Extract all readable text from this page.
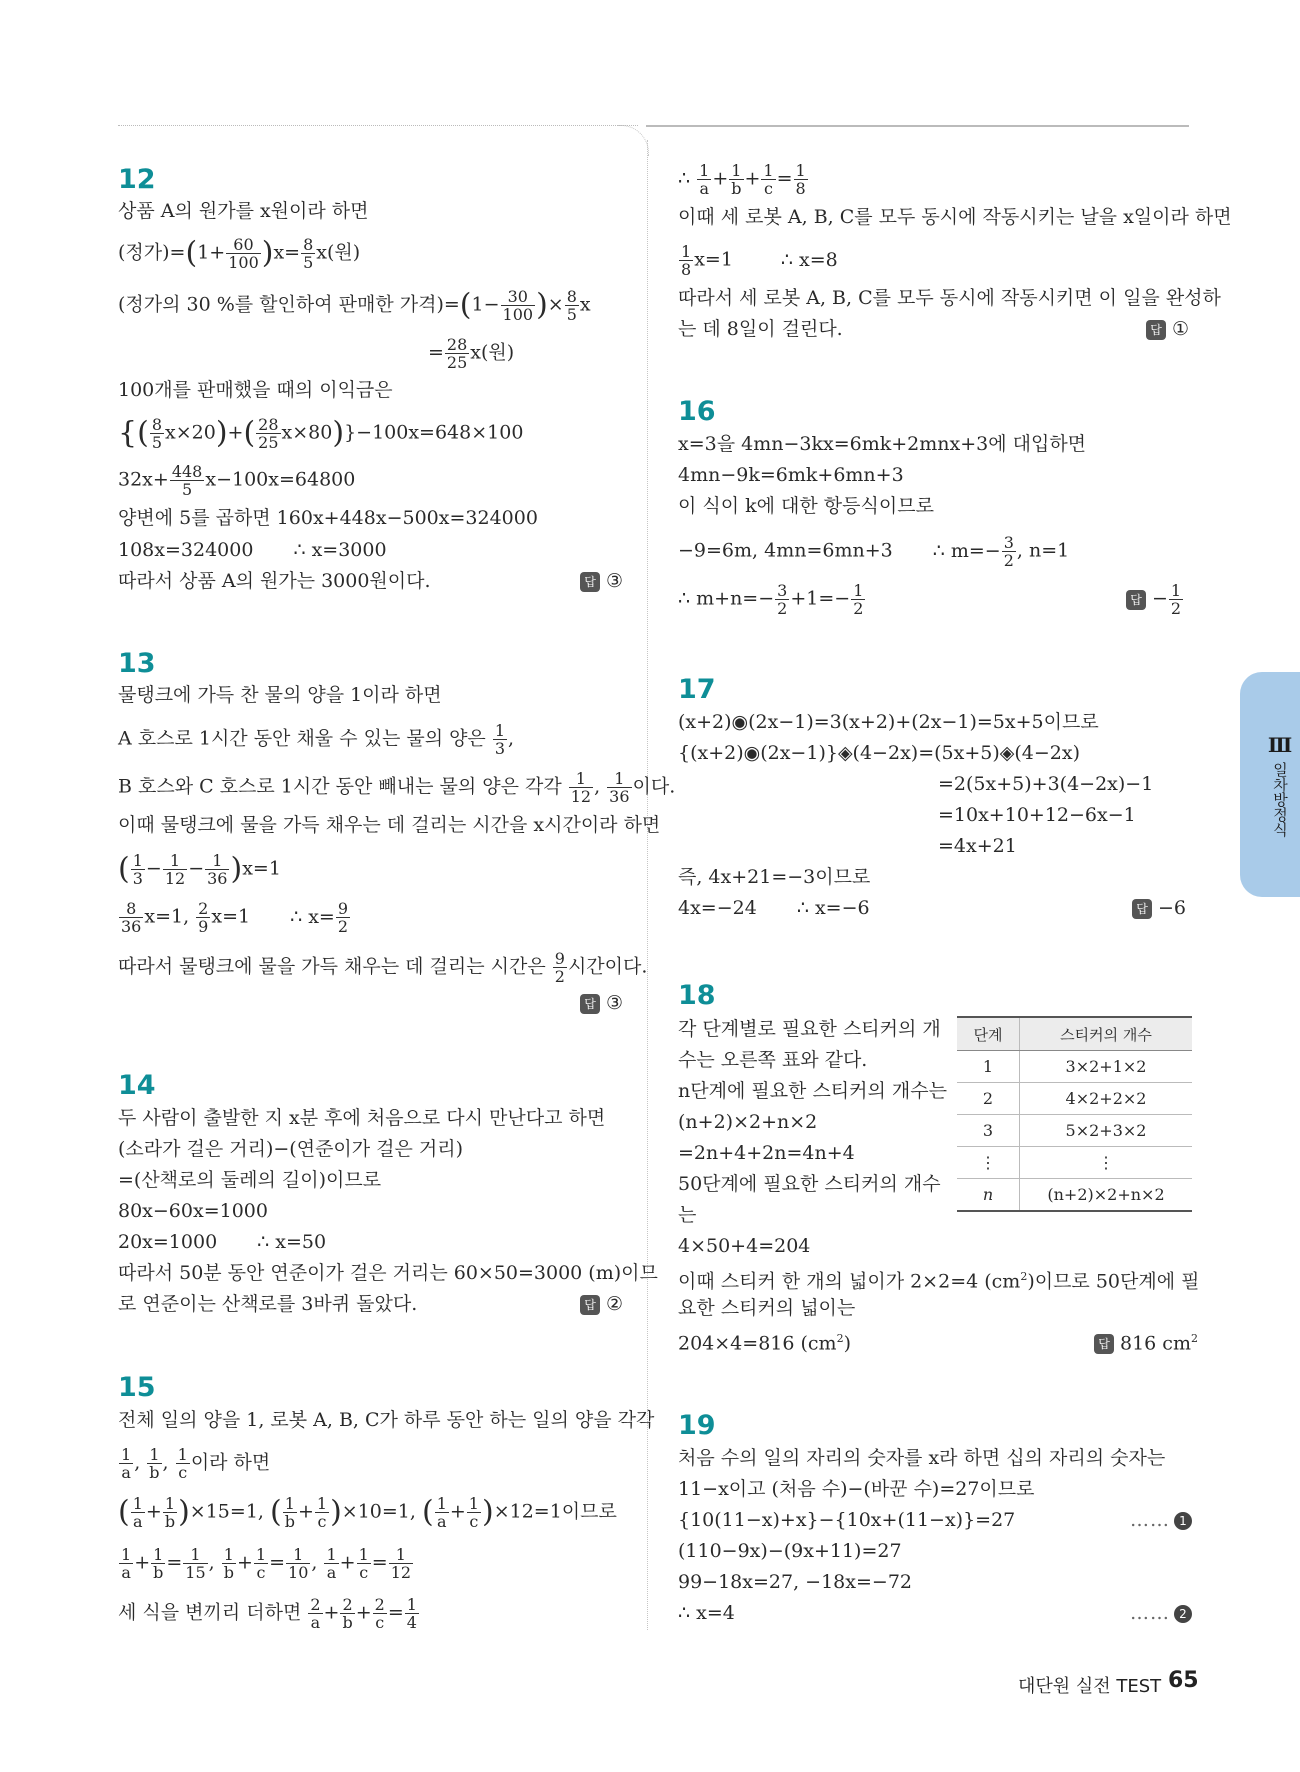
12
상품 A의 원가를 x원이라 하면
(정가)$=(1+ \frac{60}{100} )x= \frac{8}{5} x$(원)
(정가의 30 %를 할인하여 판매한 가격)$=(1- \frac{30}{100}$ )× $\frac{8}{5}$ x
= $\frac{28}{25} x$(원)
100개를 판매했을 때의 이익금은
{( $\frac{8}{5} x\times 20)+( \frac{28}{25} x\times 80)\}-100x=648\times 100$
$32x+ \frac{448}{5} x-100x=64800$
양변에 5를 곱하면 160x+448x−500x=324000
108x=324000 ∴ x=3000
따라서 상품 A의 원가는 3000원이다.	답 ③
13
물탱크에 가득 찬 물의 양을 1이라 하면
A 호스로 1시간 동안 채울 수 있는 물의 양은 $\frac{1}{3}$ ,
B 호스와 C 호스로 1시간 동안 빼내는 물의 양은 각각 $\frac{1}{12}$ , $\frac{1}{36}$ 이다.
이때 물탱크에 물을 가득 채우는 데 걸리는 시간을 x시간이라 하면
( $\frac{1}{3} - \frac{1}{12} - \frac{1}{36} )x=1$
$\frac{8}{36} x=1$, $\frac{2}{9} x=1$ ∴ $x= \frac{9}{2}$
따라서 물탱크에 물을 가득 채우는 데 걸리는 시간은 $\frac{9}{2}$ 시간이다.
답 ③
14
두 사람이 출발한 지 x분 후에 처음으로 다시 만난다고 하면
(소라가 걸은 거리)−(연준이가 걸은 거리)
=(산책로의 둘레의 길이)이므로
80x−60x=1000
20x=1000 ∴ x=50
따라서 50분 동안 연준이가 걸은 거리는 60×50=3000 (m)이므
로 연준이는 산책로를 3바퀴 돌았다.	답 ②
15
전체 일의 양을 1, 로봇 A, B, C가 하루 동안 하는 일의 양을 각각
$\frac{1}{a}$ , $\frac{1}{b}$ , $\frac{1}{c}$ 이라 하면
( $\frac{1}{a} + \frac{1}{b} )\times 15=1$, ( $\frac{1}{b} + \frac{1}{c} )\times 10=1$, ( $\frac{1}{a} + \frac{1}{c} )\times 12=1$이므로
$\frac{1}{a} + \frac{1}{b} = \frac{1}{15}$ , $\frac{1}{b} + \frac{1}{c} = \frac{1}{10}$ , $\frac{1}{a} + \frac{1}{c} = \frac{1}{12}$
세 식을 변끼리 더하면 $\frac{2}{a} + \frac{2}{b} + \frac{2}{c} = \frac{1}{4}$
∴ $\frac{1}{a} + \frac{1}{b} + \frac{1}{c} = \frac{1}{8}$
이때 세 로봇 A, B, C를 모두 동시에 작동시키는 날을 x일이라 하면
$\frac{1}{8} x=1$	∴ x=8
따라서 세 로봇 A, B, C를 모두 동시에 작동시키면 이 일을 완성하
는 데 8일이 걸린다.	답 ①
16
x=3을 4mn−3kx=6mk+2mnx+3에 대입하면
4mn−9k=6mk+6mn+3
이 식이 k에 대한 항등식이므로
−9=6m, 4mn=6mn+3 ∴ $m=- \frac{3}{2}$ , n=1
∴ $m+n=- \frac{3}{2} +1=- \frac{1}{2}$	답 − $\frac{1}{2}$
17
(x+2)◉(2x−1)=3(x+2)+(2x−1)=5x+5이므로
{(x+2)◉(2x−1)}◈(4−2x)=(5x+5)◈(4−2x)
=2(5x+5)+3(4−2x)−1
=10x+10+12−6x−1
=4x+21
즉, 4x+21=−3이므로
4x=−24 ∴ x=−6	답 −6
18
각 단계별로 필요한 스티커의 개
수는 오른쪽 표와 같다.
n단계에 필요한 스티커의 개수는
(n+2)×2+n×2
=2n+4+2n=4n+4
50단계에 필요한 스티커의 개수
는
4×50+4=204
이때 스티커 한 개의 넓이가 2×2=4 $(cm^2)$이므로 50단계에 필
요한 스티커의 넓이는
204×4=816 $(cm^2)$	답 816 $cm^2$
단계	스티커의 개수
1	3×2+1×2
2	4×2+2×2
3	5×2+3×2
⋮	⋮
n	(n+2)×2+n×2
19
처음 수의 일의 자리의 숫자를 x라 하면 십의 자리의 숫자는
11−x이고 (처음 수)−(바꾼 수)=27이므로
{10(11−x)+x}−{10x+(11−x)}=27	…… 1
(110−9x)−(9x+11)=27
99−18x=27, −18x=−72
∴ x=4	…… 2
Ⅲ 일차방정식
대단원 실전 TEST 65
